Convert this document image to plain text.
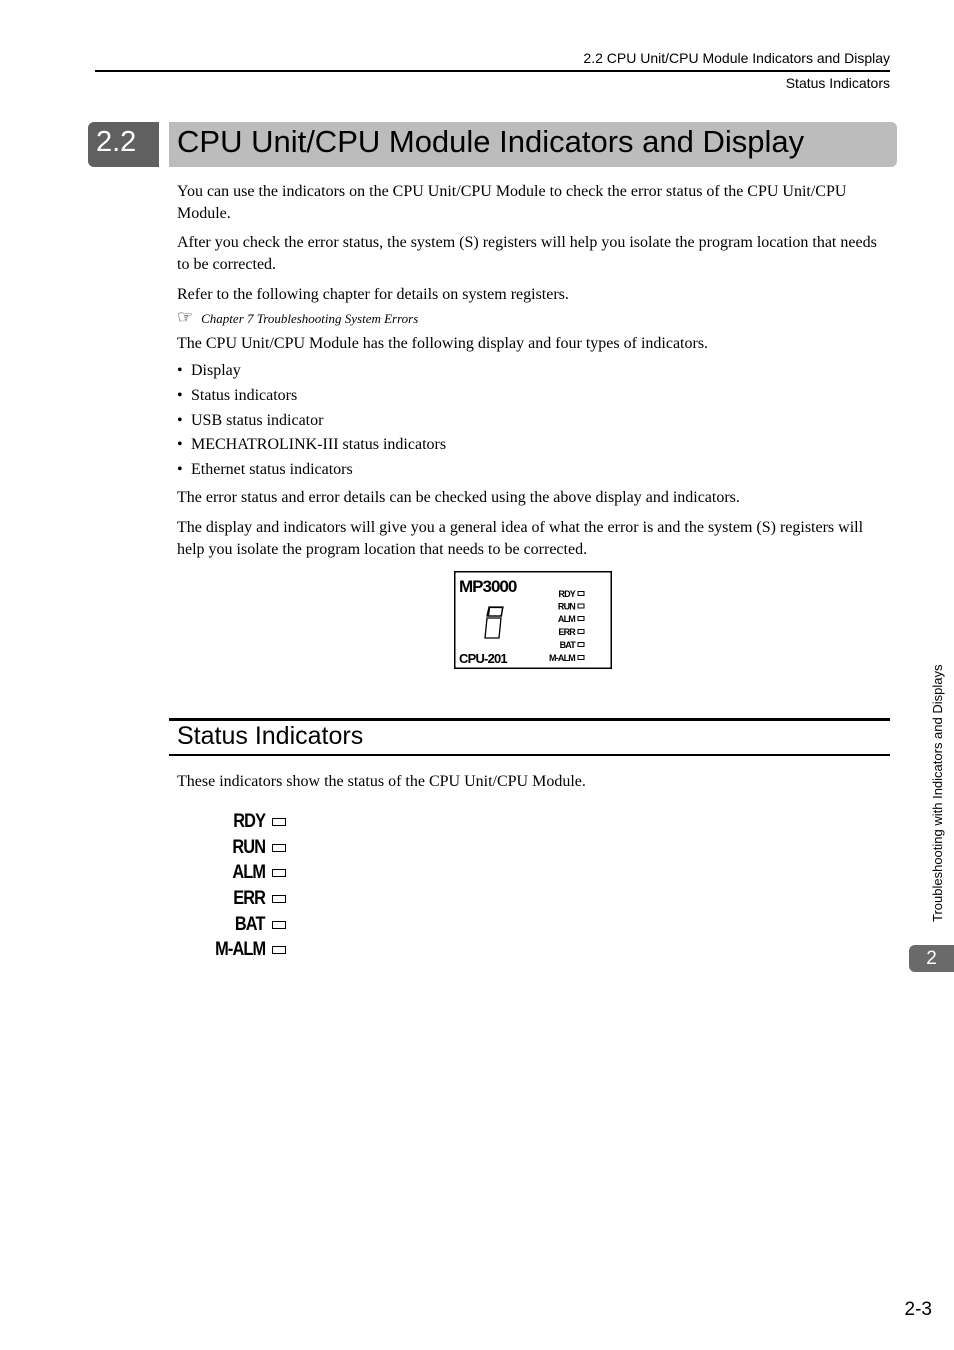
2.2 CPU Unit/CPU Module Indicators and Display
Status Indicators
2.2	CPU Unit/CPU Module Indicators and Display
You can use the indicators on the CPU Unit/CPU Module to check the error status of the CPU Unit/CPU Module.
After you check the error status, the system (S) registers will help you isolate the program location that needs to be corrected.
Refer to the following chapter for details on system registers.
☞ Chapter 7 Troubleshooting System Errors
The CPU Unit/CPU Module has the following display and four types of indicators.
• Display
• Status indicators
• USB status indicator
• MECHATROLINK-III status indicators
• Ethernet status indicators
The error status and error details can be checked using the above display and indicators.
The display and indicators will give you a general idea of what the error is and the system (S) registers will help you isolate the program location that needs to be corrected.
MP3000
CPU-201
RDY
RUN
ALM
ERR
BAT
M-ALM
Status Indicators
These indicators show the status of the CPU Unit/CPU Module.
RDY
RUN
ALM
ERR
BAT
M-ALM
Troubleshooting with Indicators and Displays
2
2-3
